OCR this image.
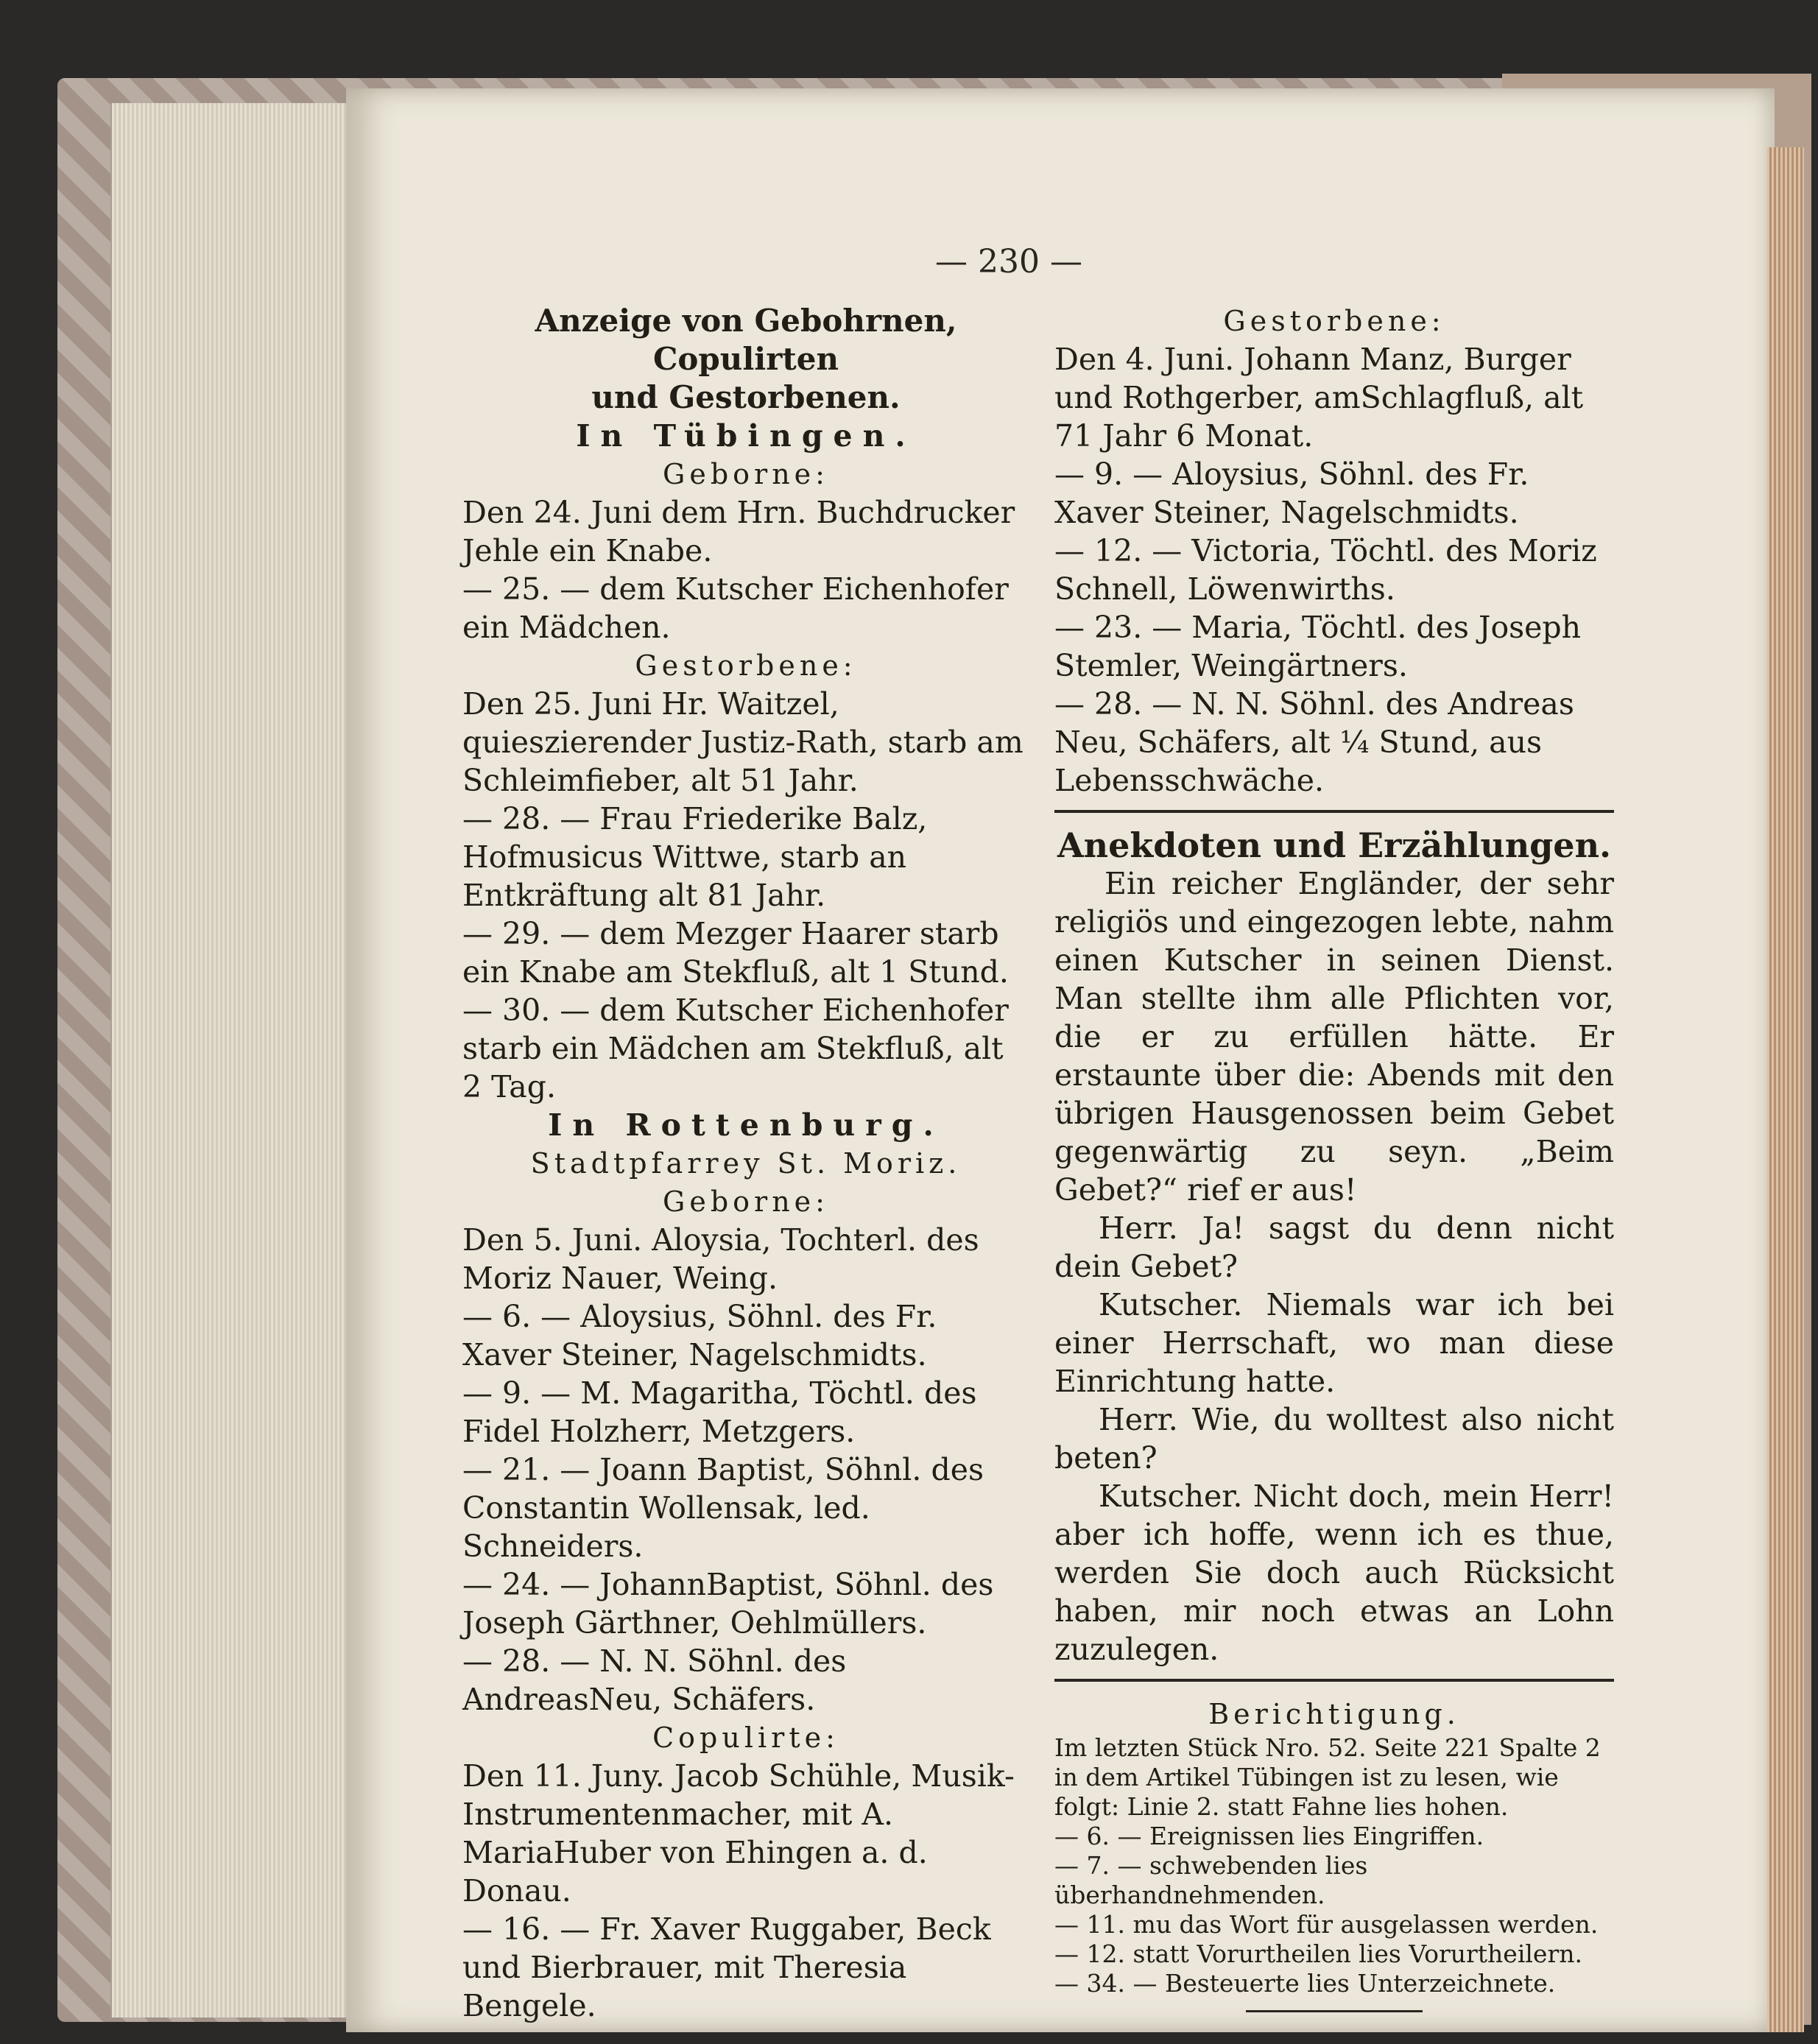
— 230 —

Anzeige von Gebohrnen, Copulirten

und Gestorbenen.

In Tübingen.
Geborne:

Den 24. Juni dem Hrn. Buchdrucker Jehle ein Knabe.

— 25. — dem Kutscher Eichenhofer ein Mädchen.

Gestorbene:

Den 25. Juni Hr. Waitzel, quieszierender Justiz-Rath, starb am Schleimfieber, alt 51 Jahr.

— 28. — Frau Friederike Balz, Hofmusicus Wittwe, starb an Entkräftung alt 81 Jahr.

— 29. — dem Mezger Haarer starb ein Knabe am Stekfluß, alt 1 Stund.

— 30. — dem Kutscher Eichenhofer starb ein Mädchen am Stekfluß, alt 2 Tag.

In Rottenburg.
Stadtpfarrey St. Moriz.
Geborne:

Den 5. Juni. Aloysia, Tochterl. des Moriz Nauer, Weing.

— 6. — Aloysius, Söhnl. des Fr. Xaver Steiner, Nagelschmidts.

— 9. — M. Magaritha, Töchtl. des Fidel Holzherr, Metzgers.

— 21. — Joann Baptist, Söhnl. des Constantin Wollensak, led. Schneiders.

— 24. — JohannBaptist, Söhnl. des Joseph Gärthner, Oehlmüllers.

— 28. — N. N. Söhnl. des AndreasNeu, Schäfers.

Copulirte:

Den 11. Juny. Jacob Schühle, Musik-Instrumentenmacher, mit A. MariaHuber von Ehingen a. d. Donau.

— 16. — Fr. Xaver Ruggaber, Beck und Bierbrauer, mit Theresia Bengele.

Gestorbene:

Den 4. Juni. Johann Manz, Burger und Rothgerber, amSchlagfluß, alt 71 Jahr 6 Monat.

— 9. — Aloysius, Söhnl. des Fr. Xaver Steiner, Nagelschmidts.

— 12. — Victoria, Töchtl. des Moriz Schnell, Löwenwirths.

— 23. — Maria, Töchtl. des Joseph Stemler, Weingärtners.

— 28. — N. N. Söhnl. des Andreas Neu, Schäfers, alt ¼ Stund, aus Lebensschwäche.

Anekdoten und Erzählungen.

Ein reicher Engländer, der sehr religiös und eingezogen lebte, nahm einen Kutscher in seinen Dienst. Man stellte ihm alle Pflichten vor, die er zu erfüllen hätte. Er erstaunte über die: Abends mit den übrigen Hausgenossen beim Gebet gegenwärtig zu seyn. „Beim Gebet?“ rief er aus!

Herr. Ja! sagst du denn nicht dein Gebet?

Kutscher. Niemals war ich bei einer Herrschaft, wo man diese Einrichtung hatte.

Herr. Wie, du wolltest also nicht beten?

Kutscher. Nicht doch, mein Herr! aber ich hoffe, wenn ich es thue, werden Sie doch auch Rücksicht haben, mir noch etwas an Lohn zuzulegen.

Berichtigung.

Im letzten Stück Nro. 52. Seite 221 Spalte 2 in dem Artikel Tübingen ist zu lesen, wie folgt: Linie 2. statt Fahne lies hohen.

— 6. — Ereignissen lies Eingriffen.

— 7. — schwebenden lies überhandnehmenden.

— 11. mu das Wort für ausgelassen werden.

— 12. statt Vorurtheilen lies Vorurtheilern.

— 34. — Besteuerte lies Unterzeichnete.
